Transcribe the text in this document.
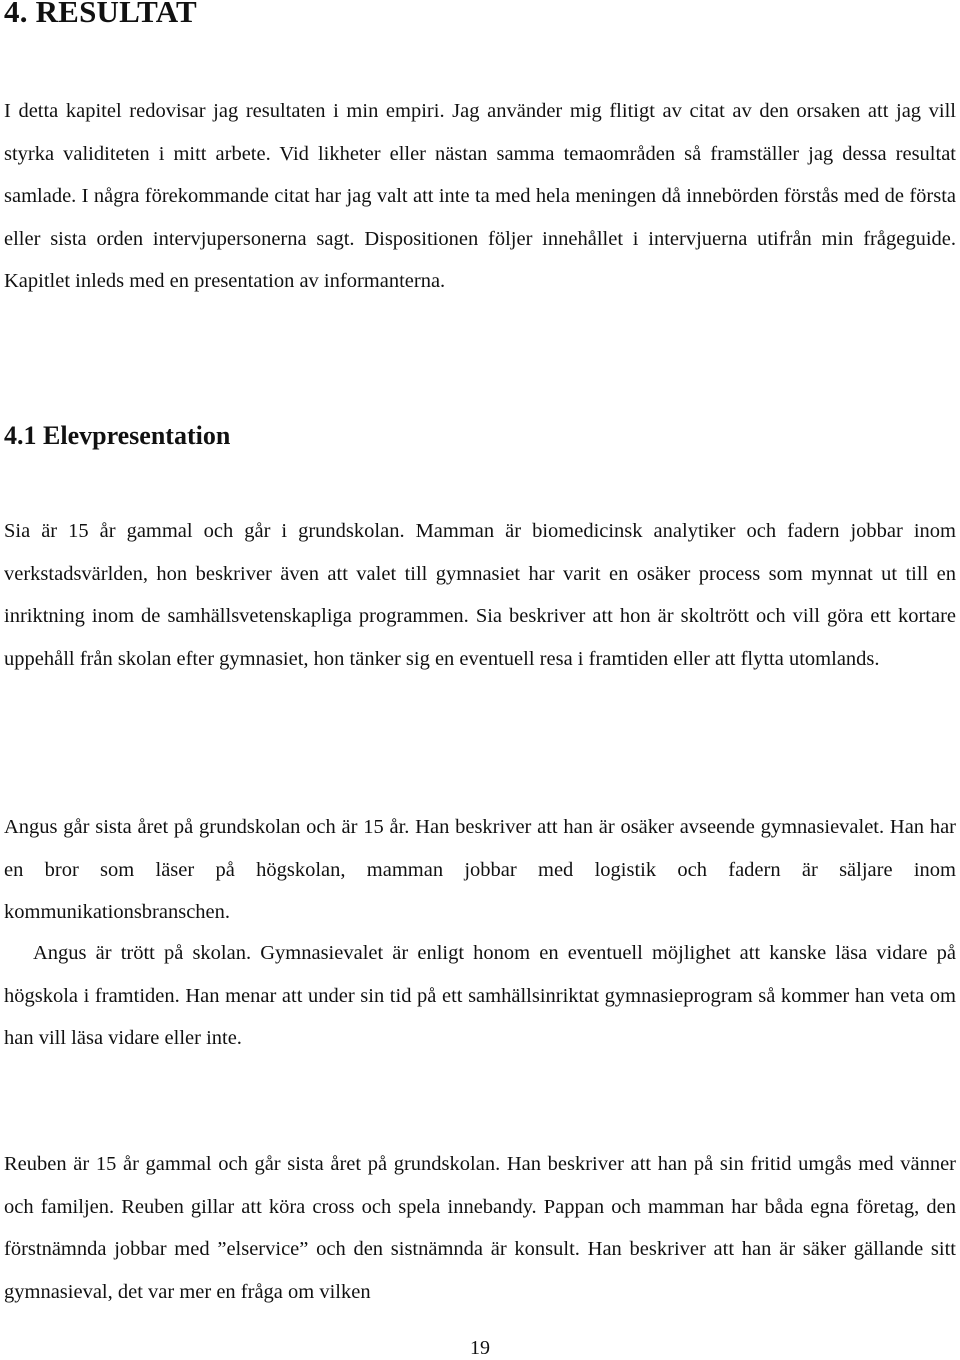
4. RESULTAT

I detta kapitel redovisar jag resultaten i min empiri. Jag använder mig flitigt av citat av den orsaken att jag vill styrka validiteten i mitt arbete. Vid likheter eller nästan samma temaområden så framställer jag dessa resultat samlade. I några förekommande citat har jag valt att inte ta med hela meningen då innebörden förstås med de första eller sista orden intervjupersonerna sagt. Dispositionen följer innehållet i intervjuerna utifrån min frågeguide. Kapitlet inleds med en presentation av informanterna.

4.1 Elevpresentation

Sia är 15 år gammal och går i grundskolan. Mamman är biomedicinsk analytiker och fadern jobbar inom verkstadsvärlden, hon beskriver även att valet till gymnasiet har varit en osäker process som mynnat ut till en inriktning inom de samhällsvetenskapliga programmen. Sia beskriver att hon är skoltrött och vill göra ett kortare uppehåll från skolan efter gymnasiet, hon tänker sig en eventuell resa i framtiden eller att flytta utomlands.

Angus går sista året på grundskolan och är 15 år. Han beskriver att han är osäker avseende gymnasievalet. Han har en bror som läser på högskolan, mamman jobbar med logistik och fadern är säljare inom kommunikationsbranschen.

Angus är trött på skolan. Gymnasievalet är enligt honom en eventuell möjlighet att kanske läsa vidare på högskola i framtiden. Han menar att under sin tid på ett samhällsinriktat gymnasieprogram så kommer han veta om han vill läsa vidare eller inte.

Reuben är 15 år gammal och går sista året på grundskolan. Han beskriver att han på sin fritid umgås med vänner och familjen. Reuben gillar att köra cross och spela innebandy. Pappan och mamman har båda egna företag, den förstnämnda jobbar med ”elservice” och den sistnämnda är konsult. Han beskriver att han är säker gällande sitt gymnasieval, det var mer en fråga om vilken

19
